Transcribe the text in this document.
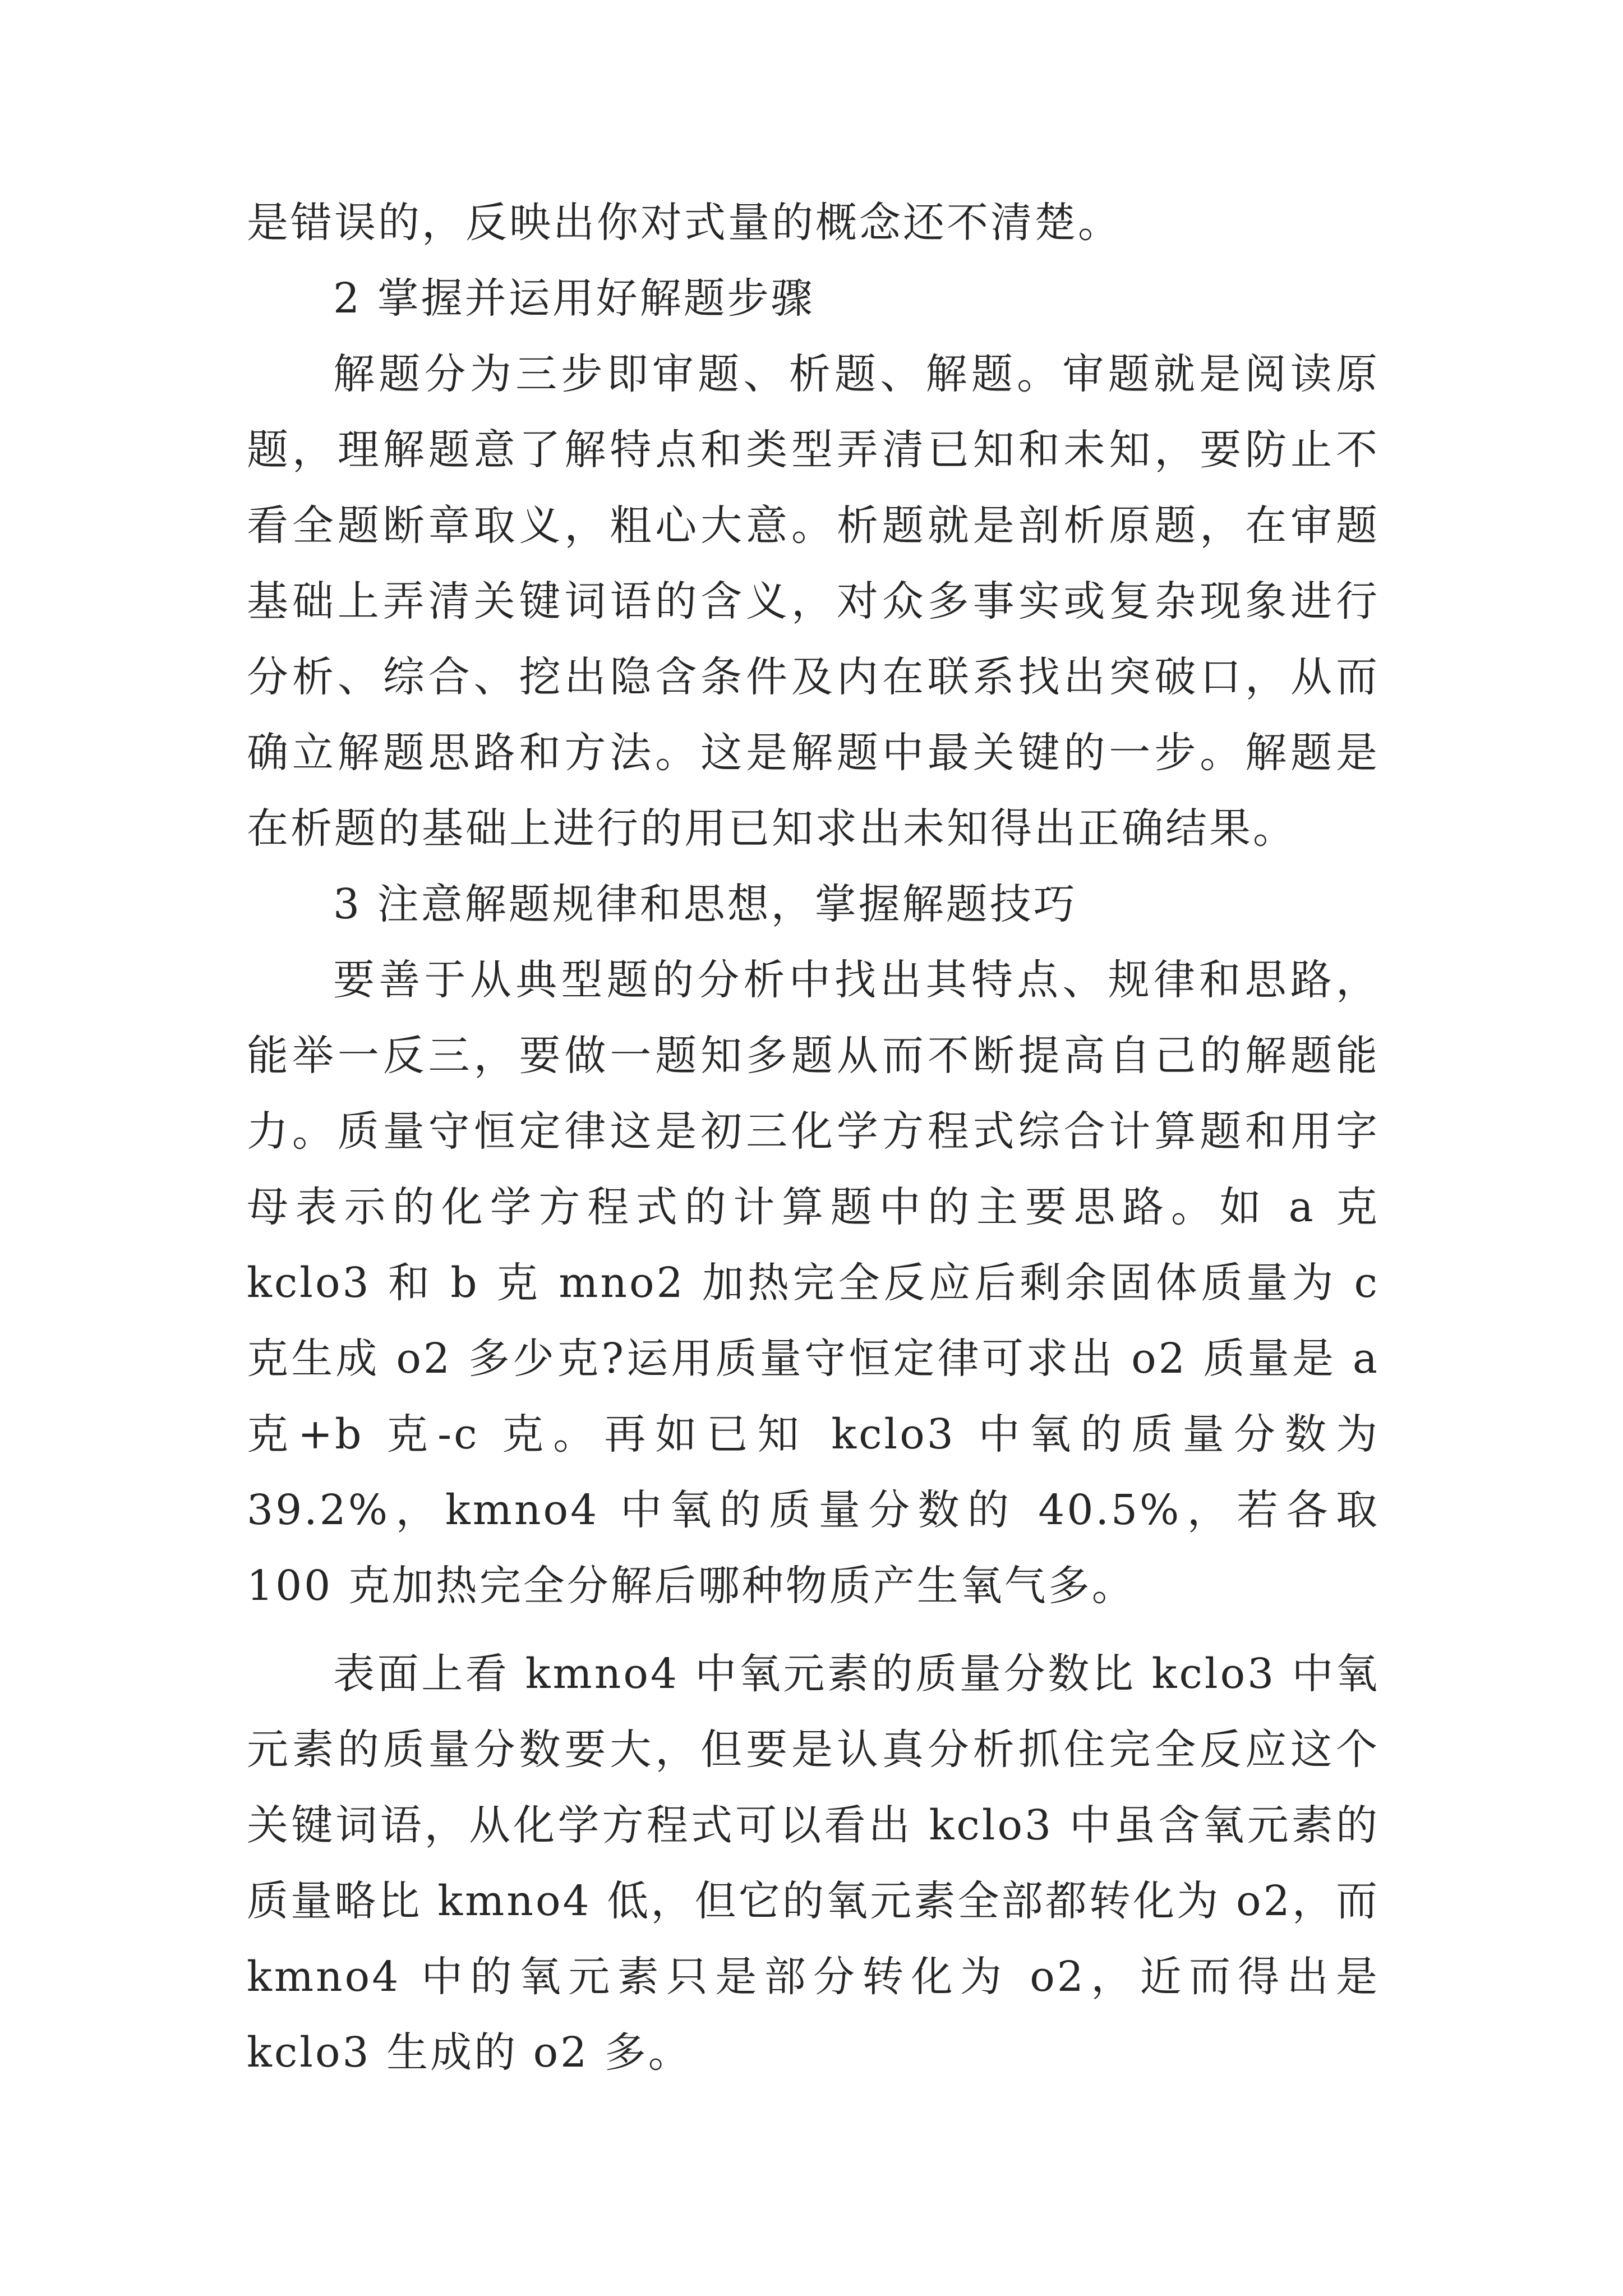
是错误的，反映出你对式量的概念还不清楚。

2 掌握并运用好解题步骤

解题分为三步即审题、析题、解题。审题就是阅读原题，理解题意了解特点和类型弄清已知和未知，要防止不看全题断章取义，粗心大意。析题就是剖析原题，在审题基础上弄清关键词语的含义，对众多事实或复杂现象进行分析、综合、挖出隐含条件及内在联系找出突破口，从而确立解题思路和方法。这是解题中最关键的一步。解题是在析题的基础上进行的用已知求出未知得出正确结果。

3 注意解题规律和思想，掌握解题技巧

要善于从典型题的分析中找出其特点、规律和思路，能举一反三，要做一题知多题从而不断提高自己的解题能力。质量守恒定律这是初三化学方程式综合计算题和用字母表示的化学方程式的计算题中的主要思路。如 a 克 kclo3 和 b 克 mno2 加热完全反应后剩余固体质量为 c 克生成 o2 多少克?运用质量守恒定律可求出 o2 质量是 a 克+b 克-c 克。再如已知 kclo3 中氧的质量分数为 39.2%，kmno4 中氧的质量分数的 40.5%，若各取 100 克加热完全分解后哪种物质产生氧气多。

表面上看 kmno4 中氧元素的质量分数比 kclo3 中氧元素的质量分数要大，但要是认真分析抓住完全反应这个关键词语，从化学方程式可以看出 kclo3 中虽含氧元素的质量略比 kmno4 低，但它的氧元素全部都转化为 o2，而 kmno4 中的氧元素只是部分转化为 o2，近而得出是 kclo3 生成的 o2 多。
